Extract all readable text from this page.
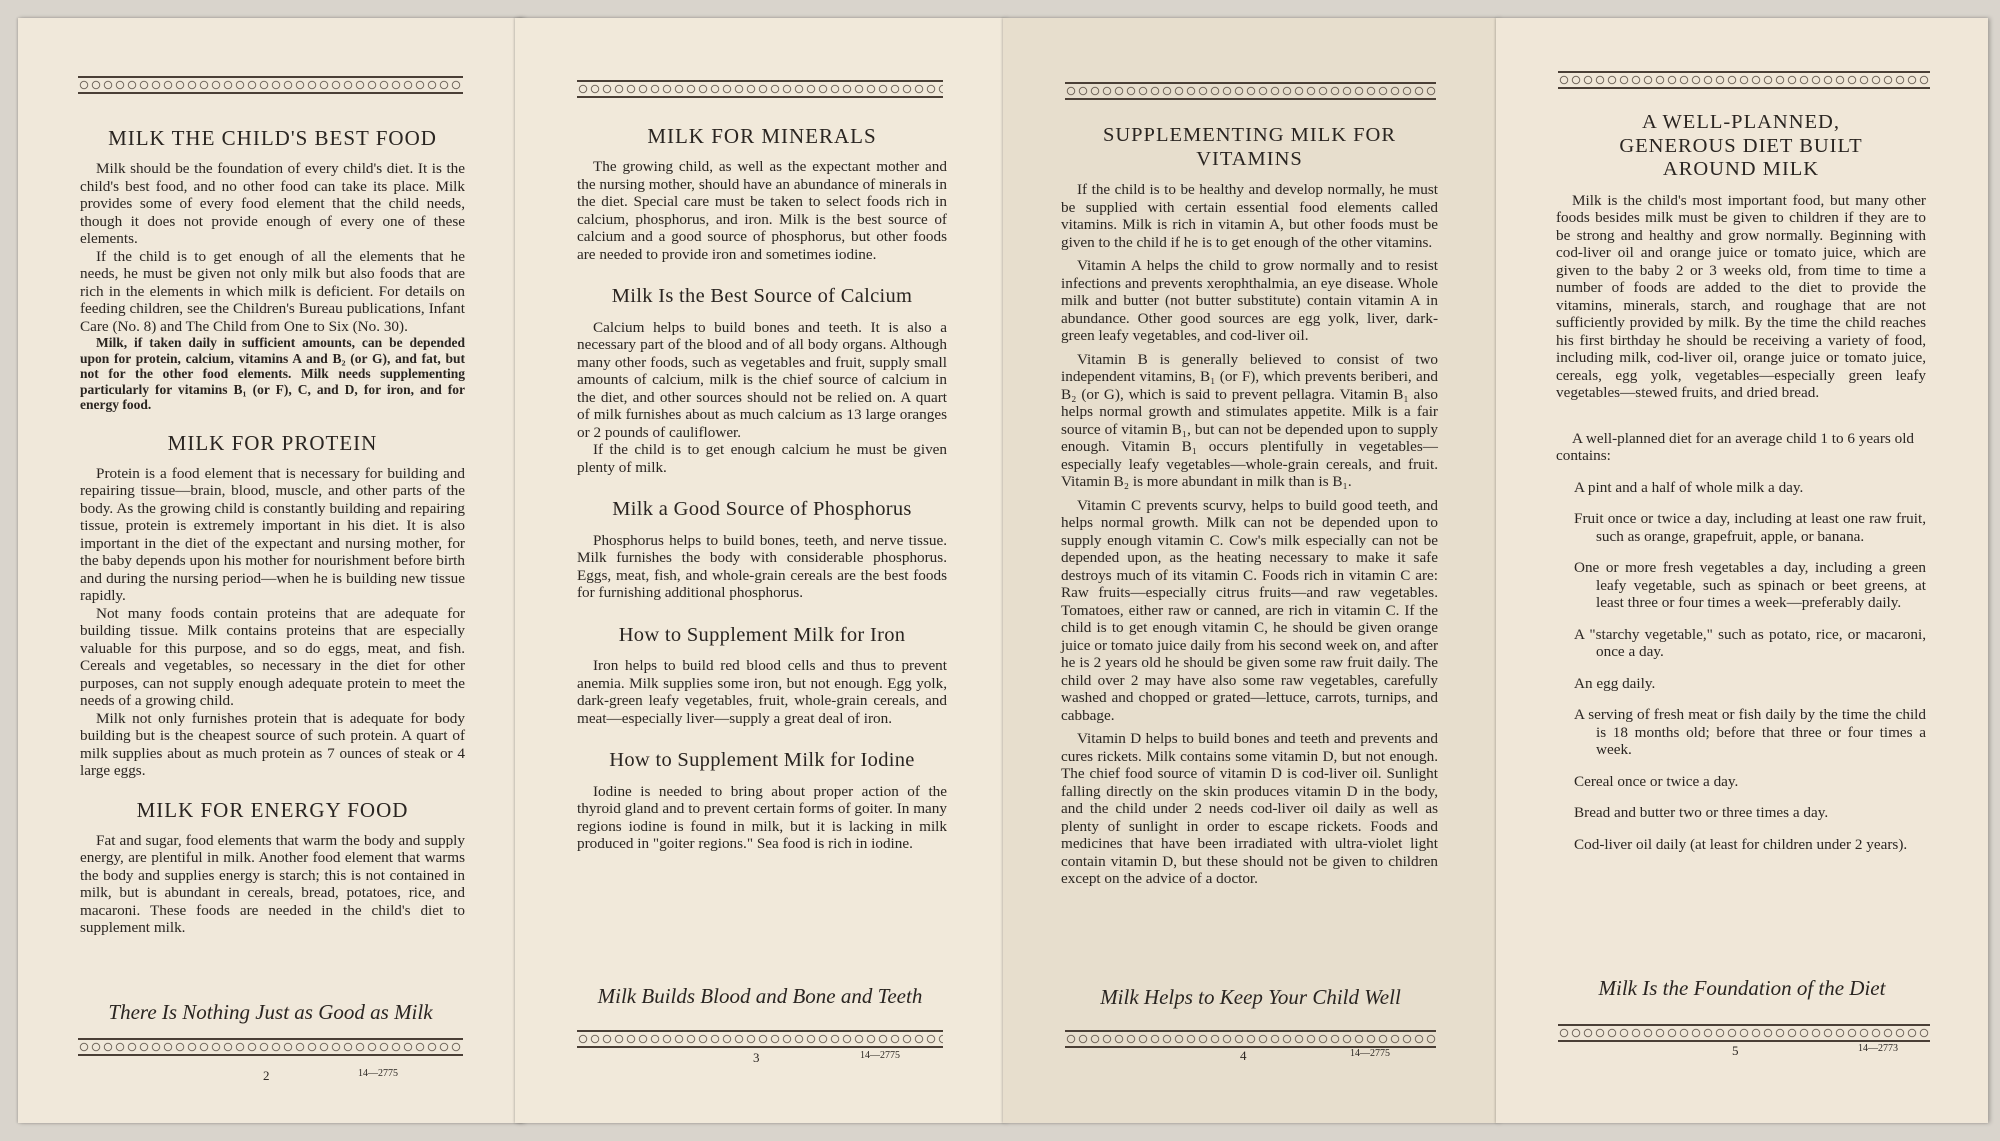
MILK THE CHILD'S BEST FOOD

Milk should be the foundation of every child's diet. It is the child's best food, and no other food can take its place. Milk provides some of every food element that the child needs, though it does not provide enough of every one of these elements.

If the child is to get enough of all the elements that he needs, he must be given not only milk but also foods that are rich in the elements in which milk is deficient. For details on feeding children, see the Children's Bureau publications, Infant Care (No. 8) and The Child from One to Six (No. 30).

Milk, if taken daily in sufficient amounts, can be depended upon for protein, calcium, vitamins A and B₂ (or G), and fat, but not for the other food elements. Milk needs supplementing particularly for vitamins B₁ (or F), C, and D, for iron, and for energy food.

MILK FOR PROTEIN

Protein is a food element that is necessary for building and repairing tissue—brain, blood, muscle, and other parts of the body. As the growing child is constantly building and repairing tissue, protein is extremely important in his diet. It is also important in the diet of the expectant and nursing mother, for the baby depends upon his mother for nourishment before birth and during the nursing period—when he is building new tissue rapidly.

Not many foods contain proteins that are adequate for building tissue. Milk contains proteins that are especially valuable for this purpose, and so do eggs, meat, and fish. Cereals and vegetables, so necessary in the diet for other purposes, can not supply enough adequate protein to meet the needs of a growing child.

Milk not only furnishes protein that is adequate for body building but is the cheapest source of such protein. A quart of milk supplies about as much protein as 7 ounces of steak or 4 large eggs.

MILK FOR ENERGY FOOD

Fat and sugar, food elements that warm the body and supply energy, are plentiful in milk. Another food element that warms the body and supplies energy is starch; this is not contained in milk, but is abundant in cereals, bread, potatoes, rice, and macaroni. These foods are needed in the child's diet to supplement milk.

There Is Nothing Just as Good as Milk
2	14—2775
MILK FOR MINERALS

The growing child, as well as the expectant mother and the nursing mother, should have an abundance of minerals in the diet. Special care must be taken to select foods rich in calcium, phosphorus, and iron. Milk is the best source of calcium and a good source of phosphorus, but other foods are needed to provide iron and sometimes iodine.

Milk Is the Best Source of Calcium

Calcium helps to build bones and teeth. It is also a necessary part of the blood and of all body organs. Although many other foods, such as vegetables and fruit, supply small amounts of calcium, milk is the chief source of calcium in the diet, and other sources should not be relied on. A quart of milk furnishes about as much calcium as 13 large oranges or 2 pounds of cauliflower.

If the child is to get enough calcium he must be given plenty of milk.

Milk a Good Source of Phosphorus

Phosphorus helps to build bones, teeth, and nerve tissue. Milk furnishes the body with considerable phosphorus. Eggs, meat, fish, and whole-grain cereals are the best foods for furnishing additional phosphorus.

How to Supplement Milk for Iron

Iron helps to build red blood cells and thus to prevent anemia. Milk supplies some iron, but not enough. Egg yolk, dark-green leafy vegetables, fruit, whole-grain cereals, and meat—especially liver—supply a great deal of iron.

How to Supplement Milk for Iodine

Iodine is needed to bring about proper action of the thyroid gland and to prevent certain forms of goiter. In many regions iodine is found in milk, but it is lacking in milk produced in "goiter regions." Sea food is rich in iodine.

Milk Builds Blood and Bone and Teeth
3	14—2775
SUPPLEMENTING MILK FOR VITAMINS

If the child is to be healthy and develop normally, he must be supplied with certain essential food elements called vitamins. Milk is rich in vitamin A, but other foods must be given to the child if he is to get enough of the other vitamins.

Vitamin A helps the child to grow normally and to resist infections and prevents xerophthalmia, an eye disease. Whole milk and butter (not butter substitute) contain vitamin A in abundance. Other good sources are egg yolk, liver, dark-green leafy vegetables, and cod-liver oil.

Vitamin B is generally believed to consist of two independent vitamins, B₁ (or F), which prevents beriberi, and B₂ (or G), which is said to prevent pellagra. Vitamin B₁ also helps normal growth and stimulates appetite. Milk is a fair source of vitamin B₁, but can not be depended upon to supply enough. Vitamin B₁ occurs plentifully in vegetables—especially leafy vegetables—whole-grain cereals, and fruit. Vitamin B₂ is more abundant in milk than is B₁.

Vitamin C prevents scurvy, helps to build good teeth, and helps normal growth. Milk can not be depended upon to supply enough vitamin C. Cow's milk especially can not be depended upon, as the heating necessary to make it safe destroys much of its vitamin C. Foods rich in vitamin C are: Raw fruits—especially citrus fruits—and raw vegetables. Tomatoes, either raw or canned, are rich in vitamin C. If the child is to get enough vitamin C, he should be given orange juice or tomato juice daily from his second week on, and after he is 2 years old he should be given some raw fruit daily. The child over 2 may have also some raw vegetables, carefully washed and chopped or grated—lettuce, carrots, turnips, and cabbage.

Vitamin D helps to build bones and teeth and prevents and cures rickets. Milk contains some vitamin D, but not enough. The chief food source of vitamin D is cod-liver oil. Sunlight falling directly on the skin produces vitamin D in the body, and the child under 2 needs cod-liver oil daily as well as plenty of sunlight in order to escape rickets. Foods and medicines that have been irradiated with ultra-violet light contain vitamin D, but these should not be given to children except on the advice of a doctor.

Milk Helps to Keep Your Child Well
4	14—2775
A WELL-PLANNED, GENEROUS DIET BUILT AROUND MILK

Milk is the child's most important food, but many other foods besides milk must be given to children if they are to be strong and healthy and grow normally. Beginning with cod-liver oil and orange juice or tomato juice, which are given to the baby 2 or 3 weeks old, from time to time a number of foods are added to the diet to provide the vitamins, minerals, starch, and roughage that are not sufficiently provided by milk. By the time the child reaches his first birthday he should be receiving a variety of food, including milk, cod-liver oil, orange juice or tomato juice, cereals, egg yolk, vegetables—especially green leafy vegetables—stewed fruits, and dried bread.

A well-planned diet for an average child 1 to 6 years old contains:

A pint and a half of whole milk a day.

Fruit once or twice a day, including at least one raw fruit, such as orange, grapefruit, apple, or banana.

One or more fresh vegetables a day, including a green leafy vegetable, such as spinach or beet greens, at least three or four times a week—preferably daily.

A "starchy vegetable," such as potato, rice, or macaroni, once a day.

An egg daily.

A serving of fresh meat or fish daily by the time the child is 18 months old; before that three or four times a week.

Cereal once or twice a day.

Bread and butter two or three times a day.

Cod-liver oil daily (at least for children under 2 years).

Milk Is the Foundation of the Diet
5	14—2773
